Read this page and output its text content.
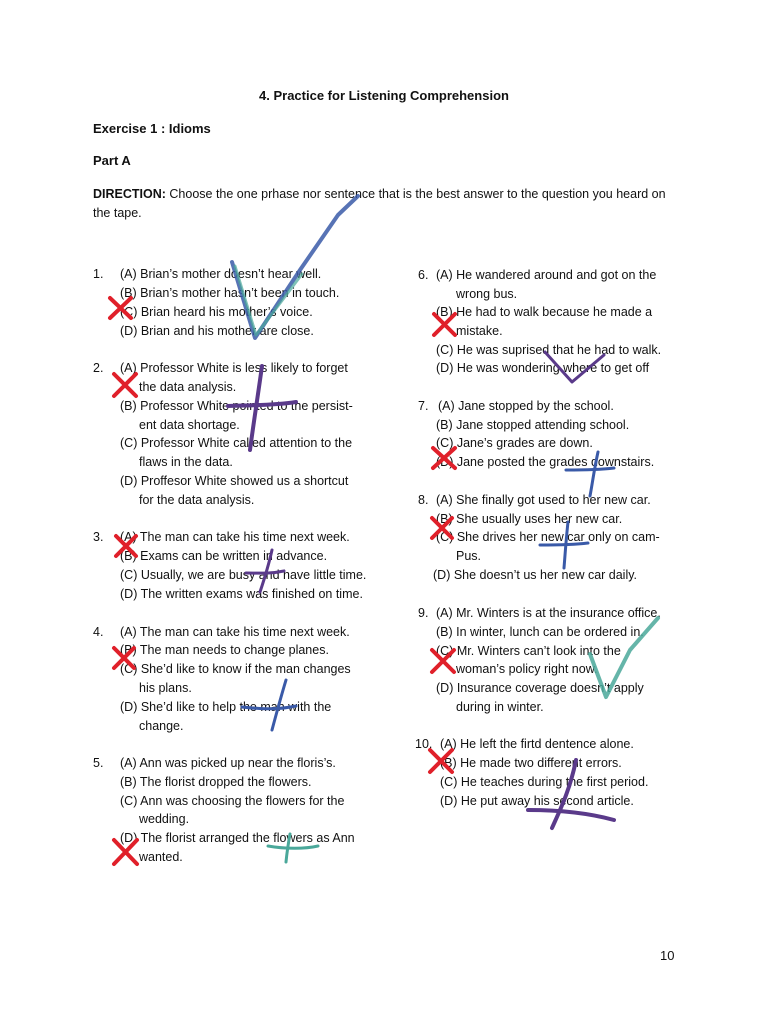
4. Practice for Listening Comprehension
Exercise 1 : Idioms
Part A
DIRECTION: Choose the one prhase nor sentence that is the best answer to the question you heard on the tape.
1. (A) Brian’s mother doesn’t hear well.
(B) Brian’s mother hasn’t been in touch.
(C) Brian heard his mother’s voice.
(D) Brian and his mother are close.
2. (A) Professor White is less likely to forget
the data analysis.
(B) Professor White pointed to the persist-
ent data shortage.
(C) Professor White called attention to the
flaws in the data.
(D) Proffesor White showed us a shortcut
for the data analysis.
3. (A) The man can take his time next week.
(B) Exams can be written in advance.
(C) Usually, we are busy and have little time.
(D) The written exams was finished on time.
4. (A) The man can take his time next week.
(B) The man needs to change planes.
(C) She’d like to know if the man changes
his plans.
(D) She’d like to help the man with the
change.
5. (A) Ann was picked up near the floris’s.
(B) The florist dropped the flowers.
(C) Ann was choosing the flowers for the
wedding.
(D) The florist arranged the flowers as Ann
wanted.
6. (A) He wandered around and got on the
wrong bus.
(B) He had to walk because he made a
mistake.
(C) He was suprised that he had to walk.
(D) He was wondering where to get off
7. (A) Jane stopped by the school.
(B) Jane stopped attending school.
(C) Jane’s grades are down.
(D) Jane posted the grades downstairs.
8. (A) She finally got used to her new car.
(B) She usually uses her new car.
(C) She drives her new car only on cam-
Pus.
(D) She doesn’t us her new car daily.
9. (A) Mr. Winters is at the insurance office.
(B) In winter, lunch can be ordered in.
(C) Mr. Winters can’t look into the
woman’s policy right now.
(D) Insurance coverage doesn’t apply
during in winter.
10. (A) He left the firtd dentence alone.
(B) He made two different errors.
(C) He teaches during the first period.
(D) He put away his second article.
10
